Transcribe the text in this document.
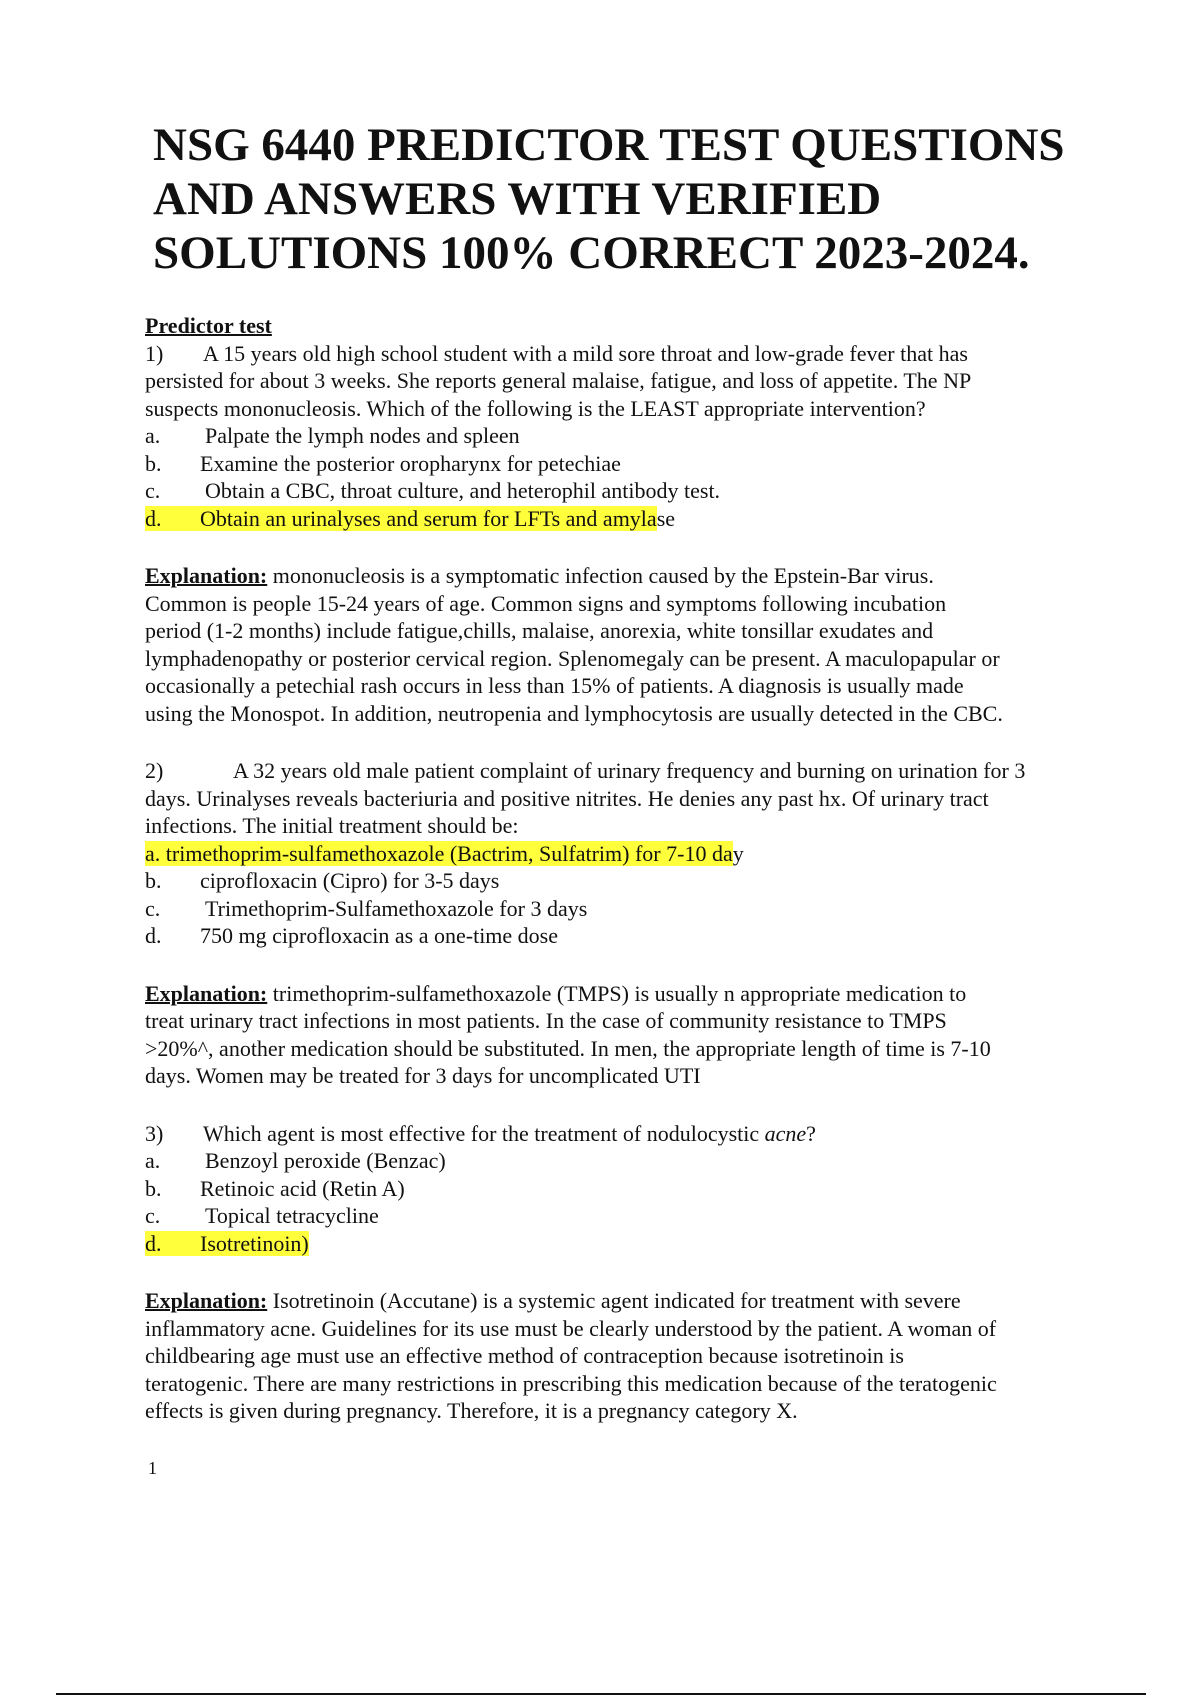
NSG 6440 PREDICTOR TEST QUESTIONS
AND ANSWERS WITH VERIFIED
SOLUTIONS 100% CORRECT 2023-2024.
Predictor test
1) A 15 years old high school student with a mild sore throat and low-grade fever that has
persisted for about 3 weeks. She reports general malaise, fatigue, and loss of appetite. The NP
suspects mononucleosis. Which of the following is the LEAST appropriate intervention?
a. Palpate the lymph nodes and spleen
b. Examine the posterior oropharynx for petechiae
c. Obtain a CBC, throat culture, and heterophil antibody test.
d. Obtain an urinalyses and serum for LFTs and amylase
Explanation: mononucleosis is a symptomatic infection caused by the Epstein-Bar virus.
Common is people 15-24 years of age. Common signs and symptoms following incubation
period (1-2 months) include fatigue,chills, malaise, anorexia, white tonsillar exudates and
lymphadenopathy or posterior cervical region. Splenomegaly can be present. A maculopapular or
occasionally a petechial rash occurs in less than 15% of patients. A diagnosis is usually made
using the Monospot. In addition, neutropenia and lymphocytosis are usually detected in the CBC.
2)	A 32 years old male patient complaint of urinary frequency and burning on urination for 3
days. Urinalyses reveals bacteriuria and positive nitrites. He denies any past hx. Of urinary tract
infections. The initial treatment should be:
a. trimethoprim-sulfamethoxazole (Bactrim, Sulfatrim) for 7-10 day
b. ciprofloxacin (Cipro) for 3-5 days
c. Trimethoprim-Sulfamethoxazole for 3 days
d. 750 mg ciprofloxacin as a one-time dose
Explanation: trimethoprim-sulfamethoxazole (TMPS) is usually n appropriate medication to
treat urinary tract infections in most patients. In the case of community resistance to TMPS
>20%^, another medication should be substituted. In men, the appropriate length of time is 7-10
days. Women may be treated for 3 days for uncomplicated UTI
3) Which agent is most effective for the treatment of nodulocystic acne?
a. Benzoyl peroxide (Benzac)
b. Retinoic acid (Retin A)
c. Topical tetracycline
d. Isotretinoin)
Explanation: Isotretinoin (Accutane) is a systemic agent indicated for treatment with severe
inflammatory acne. Guidelines for its use must be clearly understood by the patient. A woman of
childbearing age must use an effective method of contraception because isotretinoin is
teratogenic. There are many restrictions in prescribing this medication because of the teratogenic
effects is given during pregnancy. Therefore, it is a pregnancy category X.
1
